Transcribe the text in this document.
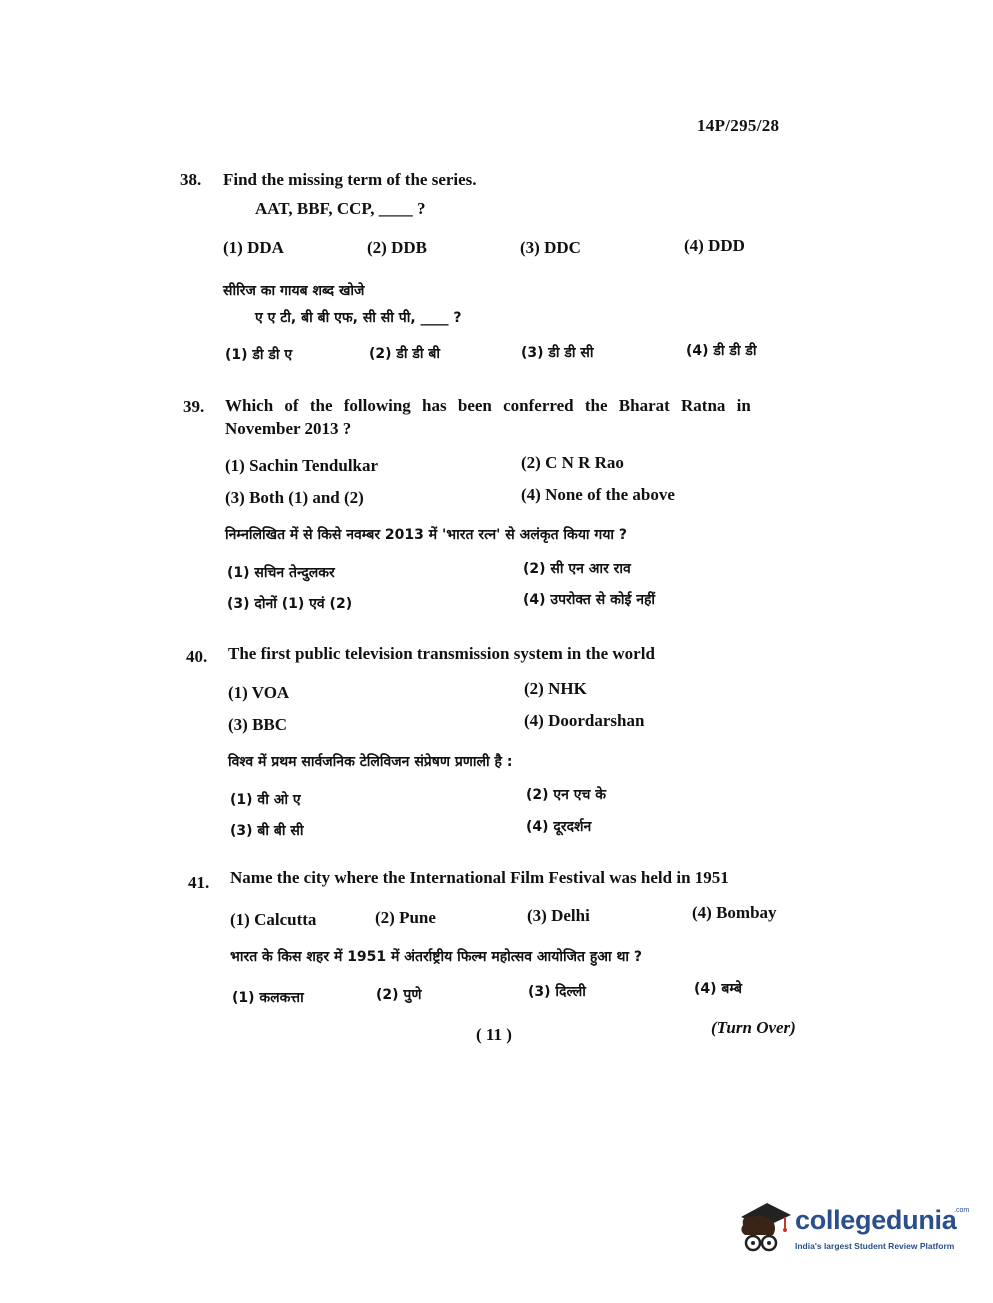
14P/295/28
38. Find the missing term of the series.
AAT, BBF, CCP, ____ ?
(1) DDA	(2) DDB	(3) DDC	(4) DDD
सीरिज का गायब शब्द खोजे
ए ए टी, बी बी एफ, सी सी पी, ____ ?
(1) डी डी ए	(2) डी डी बी	(3) डी डी सी	(4) डी डी डी
39. Which of the following has been conferred the Bharat Ratna in
November 2013 ?
(1) Sachin Tendulkar	(2) C N R Rao
(3) Both (1) and (2)	(4) None of the above
निम्नलिखित में से किसे नवम्बर 2013 में 'भारत रत्न' से अलंकृत किया गया ?
(1) सचिन तेन्दुलकर	(2) सी एन आर राव
(3) दोनों (1) एवं (2)	(4) उपरोक्त से कोई नहीं
40. The first public television transmission system in the world
(1) VOA	(2) NHK
(3) BBC	(4) Doordarshan
विश्व में प्रथम सार्वजनिक टेलिविजन संप्रेषण प्रणाली है :
(1) वी ओ ए	(2) एन एच के
(3) बी बी सी	(4) दूरदर्शन
41. Name the city where the International Film Festival was held in 1951
(1) Calcutta	(2) Pune	(3) Delhi	(4) Bombay
भारत के किस शहर में 1951 में अंतर्राष्ट्रीय फिल्म महोत्सव आयोजित हुआ था ?
(1) कलकत्ता	(2) पुणे	(3) दिल्ली	(4) बम्बे
( 11 )	(Turn Over)
collegedunia
.com
India's largest Student Review Platform
